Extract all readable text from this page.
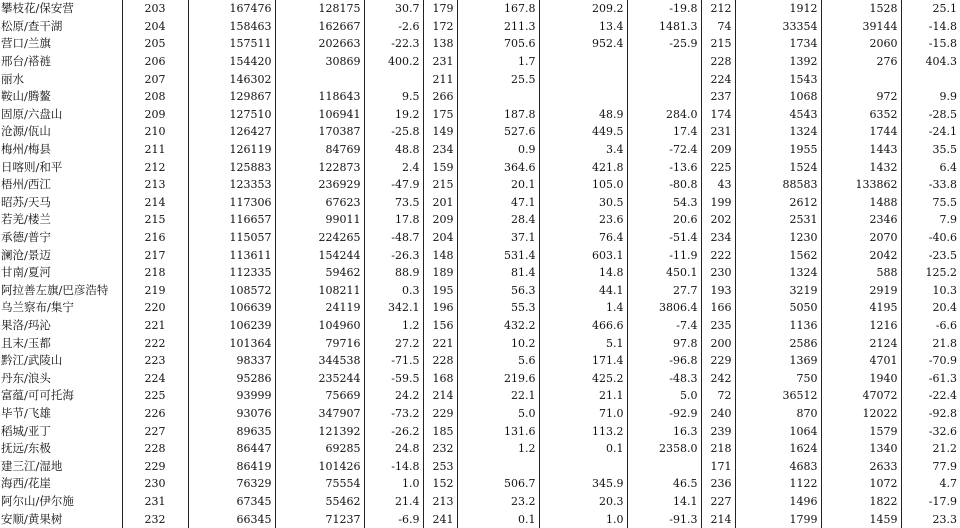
攀枝花/保安营	203	167476	128175	30.7	179	167.8	209.2	-19.8	212	1912	1528	25.1
松原/查干湖	204	158463	162667	-2.6	172	211.3	13.4	1481.3	74	33354	39144	-14.8
营口/兰旗	205	157511	202663	-22.3	138	705.6	952.4	-25.9	215	1734	2060	-15.8
邢台/褡裢	206	154420	30869	400.2	231	1.7			228	1392	276	404.3
丽水	207	146302			211	25.5			224	1543		
鞍山/腾鳌	208	129867	118643	9.5	266				237	1068	972	9.9
固原/六盘山	209	127510	106941	19.2	175	187.8	48.9	284.0	174	4543	6352	-28.5
沧源/佤山	210	126427	170387	-25.8	149	527.6	449.5	17.4	231	1324	1744	-24.1
梅州/梅县	211	126119	84769	48.8	234	0.9	3.4	-72.4	209	1955	1443	35.5
日喀则/和平	212	125883	122873	2.4	159	364.6	421.8	-13.6	225	1524	1432	6.4
梧州/西江	213	123353	236929	-47.9	215	20.1	105.0	-80.8	43	88583	133862	-33.8
昭苏/天马	214	117306	67623	73.5	201	47.1	30.5	54.3	199	2612	1488	75.5
若羌/楼兰	215	116657	99011	17.8	209	28.4	23.6	20.6	202	2531	2346	7.9
承德/普宁	216	115057	224265	-48.7	204	37.1	76.4	-51.4	234	1230	2070	-40.6
澜沧/景迈	217	113611	154244	-26.3	148	531.4	603.1	-11.9	222	1562	2042	-23.5
甘南/夏河	218	112335	59462	88.9	189	81.4	14.8	450.1	230	1324	588	125.2
阿拉善左旗/巴彦浩特	219	108572	108211	0.3	195	56.3	44.1	27.7	193	3219	2919	10.3
乌兰察布/集宁	220	106639	24119	342.1	196	55.3	1.4	3806.4	166	5050	4195	20.4
果洛/玛沁	221	106239	104960	1.2	156	432.2	466.6	-7.4	235	1136	1216	-6.6
且末/玉都	222	101364	79716	27.2	221	10.2	5.1	97.8	200	2586	2124	21.8
黔江/武陵山	223	98337	344538	-71.5	228	5.6	171.4	-96.8	229	1369	4701	-70.9
丹东/浪头	224	95286	235244	-59.5	168	219.6	425.2	-48.3	242	750	1940	-61.3
富蕴/可可托海	225	93999	75669	24.2	214	22.1	21.1	5.0	72	36512	47072	-22.4
毕节/飞雄	226	93076	347907	-73.2	229	5.0	71.0	-92.9	240	870	12022	-92.8
稻城/亚丁	227	89635	121392	-26.2	185	131.6	113.2	16.3	239	1064	1579	-32.6
抚远/东极	228	86447	69285	24.8	232	1.2	0.1	2358.0	218	1624	1340	21.2
建三江/湿地	229	86419	101426	-14.8	253				171	4683	2633	77.9
海西/花崖	230	76329	75554	1.0	152	506.7	345.9	46.5	236	1122	1072	4.7
阿尔山/伊尔施	231	67345	55462	21.4	213	23.2	20.3	14.1	227	1496	1822	-17.9
安顺/黄果树	232	66345	71237	-6.9	241	0.1	1.0	-91.3	214	1799	1459	23.3
